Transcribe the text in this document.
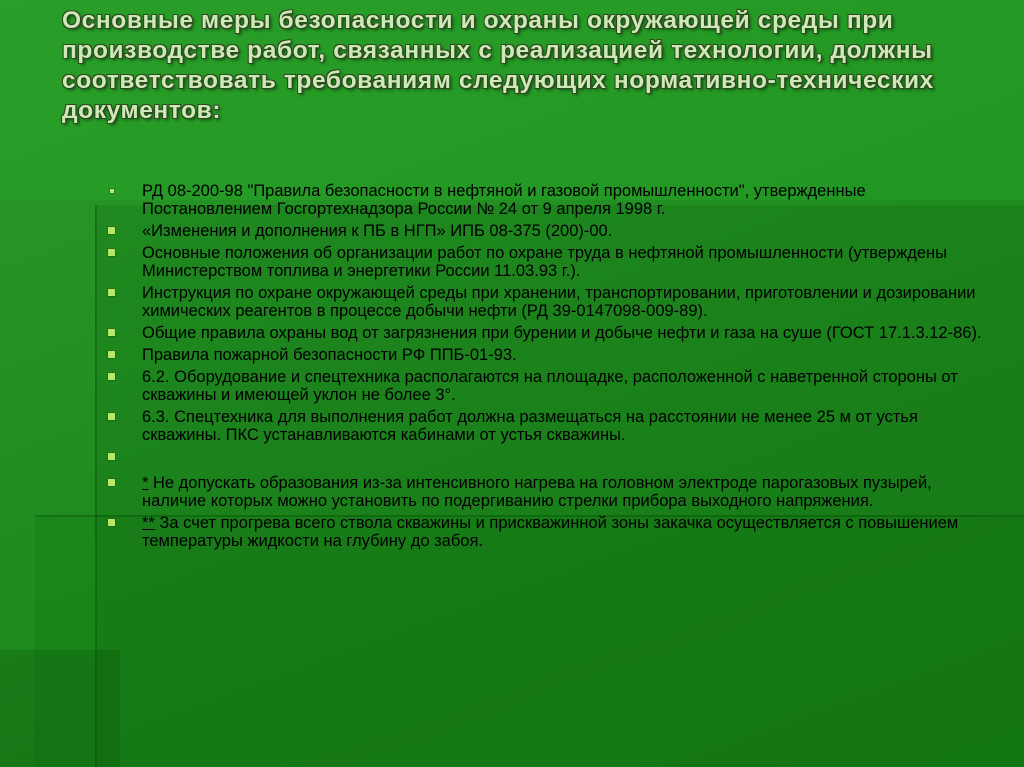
Основные меры безопасности и охраны окружающей среды при производстве работ, связанных с реализацией технологии, должны соответствовать требованиям следующих нормативно-технических документов:
РД 08-200-98 "Правила безопасности в нефтяной и газовой промышленности", утвержденные Постановлением Госгортехнадзора России № 24 от 9 апреля 1998 г.
«Изменения и дополнения к ПБ в НГП» ИПБ 08-375 (200)-00.
Основные положения об организации работ по охране труда в нефтяной промышленности (утверждены Министерством топлива и энергетики России 11.03.93 г.).
Инструкция по охране окружающей среды при хранении, транспортировании, приготовлении и дозировании химических реагентов в процессе добычи нефти (РД 39-0147098-009-89).
Общие правила охраны вод от загрязнения при бурении и добыче нефти и газа на суше (ГОСТ 17.1.3.12-86).
Правила пожарной безопасности РФ ППБ-01-93.
6.2. Оборудование и спецтехника располагаются на площадке, расположенной с наветренной стороны от скважины и имеющей уклон не более 3°.
6.3. Спецтехника для выполнения работ должна размещаться на расстоянии не менее 25 м от устья скважины. ПКС устанавливаются кабинами от устья скважины.
* Не допускать образования из-за интенсивного нагрева на головном электроде парогазовых пузырей, наличие которых можно установить по подергиванию стрелки прибора выходного напряжения.
** За счет прогрева всего ствола скважины и прискважинной зоны закачка осуществляется с повышением температуры жидкости на глубину до забоя.
